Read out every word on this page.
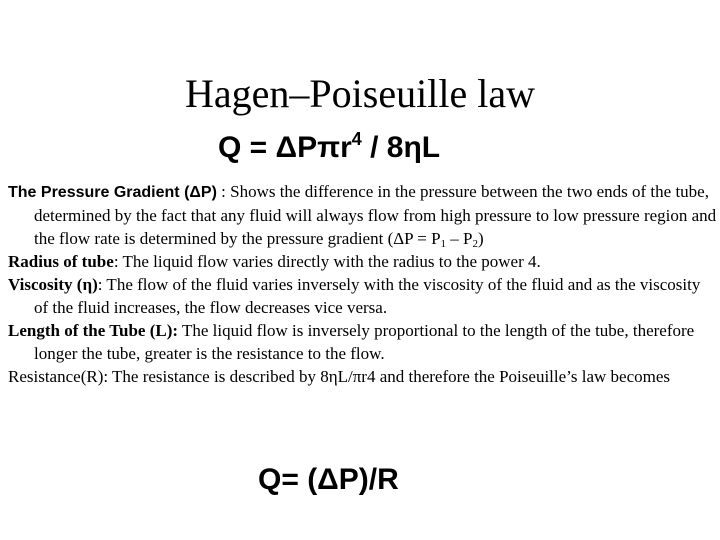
Hagen–Poiseuille law
Q = ΔPπr$^4$ / 8ηL

The Pressure Gradient (ΔP) : Shows the difference in the pressure between the two ends of the tube, determined by the fact that any fluid will always flow from high pressure to low pressure region and the flow rate is determined by the pressure gradient $(\Delta P = P_1 - P_2)$

Radius of tube: The liquid flow varies directly with the radius to the power 4.

Viscosity (η): The flow of the fluid varies inversely with the viscosity of the fluid and as the viscosity of the fluid increases, the flow decreases vice versa.

Length of the Tube (L): The liquid flow is inversely proportional to the length of the tube, therefore longer the tube, greater is the resistance to the flow.

Resistance(R): The resistance is described by 8ηL/πr4 and therefore the Poiseuille’s law becomes

Q= (ΔP)/R
